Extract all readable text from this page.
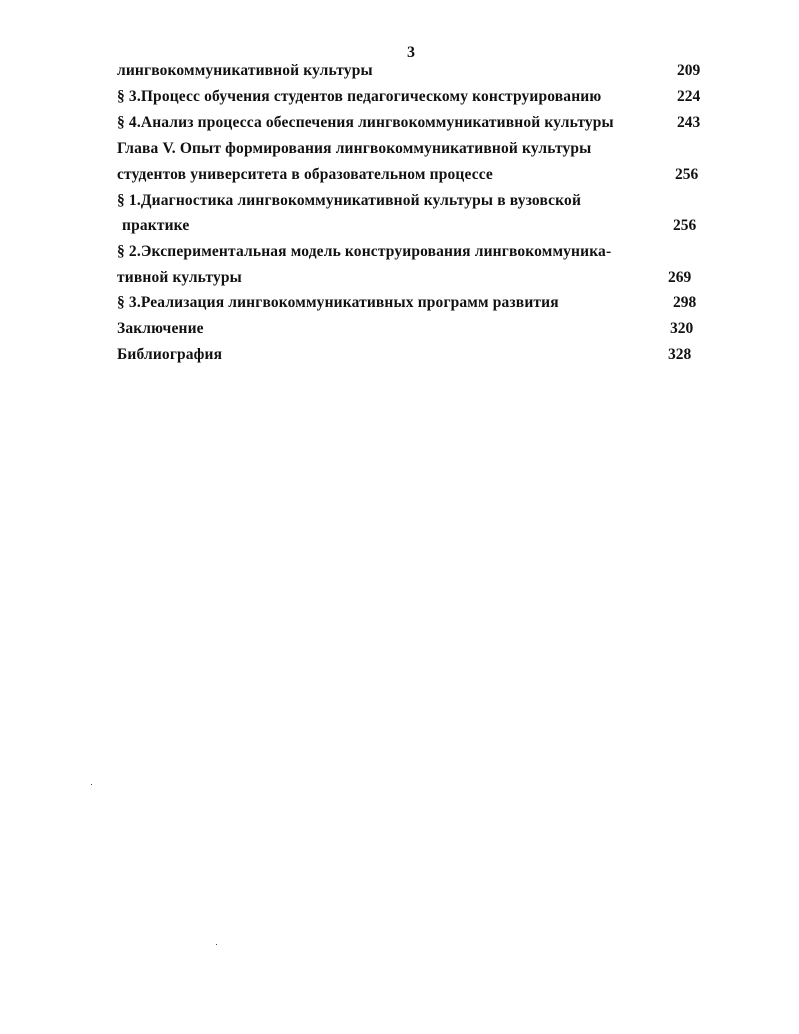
3
лингвокоммуникативной культуры	209
§ 3.Процесс обучения студентов педагогическому конструированию	224
§ 4.Анализ процесса обеспечения лингвокоммуникативной культуры	243
Глава V. Опыт формирования лингвокоммуникативной культуры
студентов университета в образовательном процессе	256
§ 1.Диагностика лингвокоммуникативной культуры в вузовской
практике	256
§ 2.Экспериментальная модель конструирования лингвокоммуника-
тивной культуры	269
§ 3.Реализация лингвокоммуникативных программ развития	298
Заключение	320
Библиография	328
